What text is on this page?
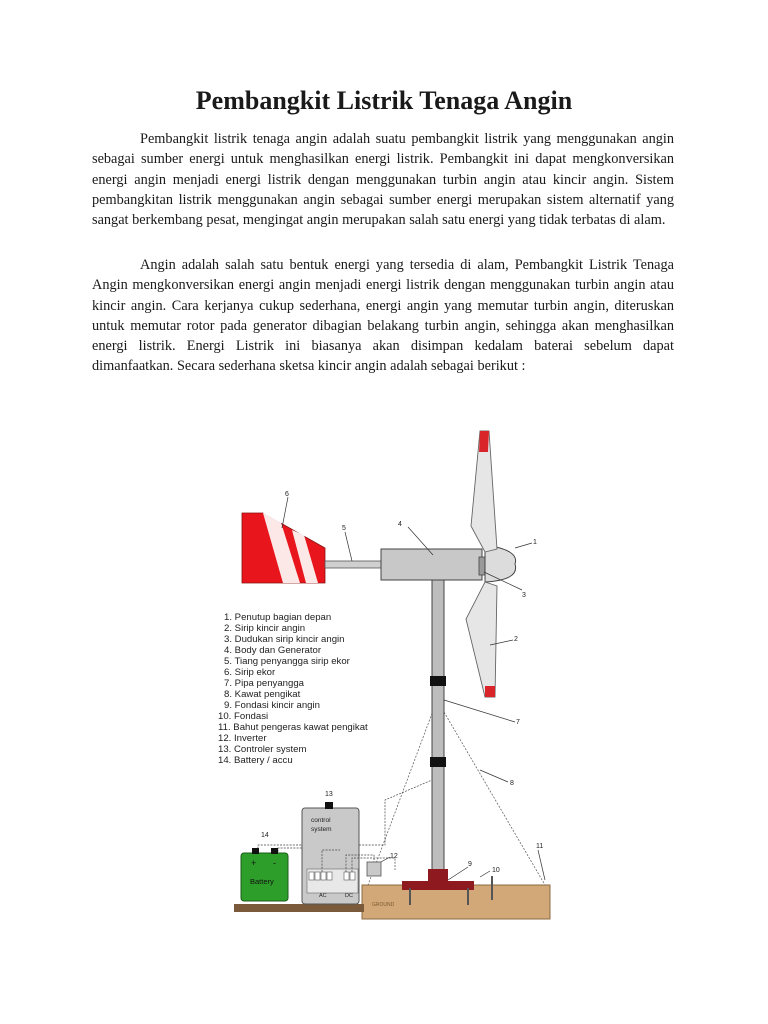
Pembangkit Listrik Tenaga Angin

Pembangkit listrik tenaga angin adalah suatu pembangkit listrik yang menggunakan angin sebagai sumber energi untuk menghasilkan energi listrik. Pembangkit ini dapat mengkonversikan energi angin menjadi energi listrik dengan menggunakan turbin angin atau kincir angin. Sistem pembangkitan listrik menggunakan angin sebagai sumber energi merupakan sistem alternatif yang sangat berkembang pesat, mengingat angin merupakan salah satu energi yang tidak terbatas di alam.

Angin adalah salah satu bentuk energi yang tersedia di alam, Pembangkit Listrik Tenaga Angin mengkonversikan energi angin menjadi energi listrik dengan menggunakan turbin angin atau kincir angin. Cara kerjanya cukup sederhana, energi angin yang memutar turbin angin, diteruskan untuk memutar rotor pada generator dibagian belakang turbin angin, sehingga akan menghasilkan energi listrik. Energi Listrik ini biasanya akan disimpan kedalam baterai sebelum dapat dimanfaatkan. Secara sederhana sketsa kincir angin adalah sebagai berikut :

GROUND
control
system
AC	DC
+ -
Battery
1. Penutup bagian depan
2. Sirip kincir angin
3. Dudukan sirip kincir angin
4. Body dan Generator
5. Tiang penyangga sirip ekor
6. Sirip ekor
7. Pipa penyangga
8. Kawat pengikat
9. Fondasi kincir angin
10. Fondasi
11. Bahut pengeras kawat pengikat
12. Inverter
13. Controler system
14. Battery / accu
1
2
3
4
5
6
7
8
9
10
11
12
13
14
